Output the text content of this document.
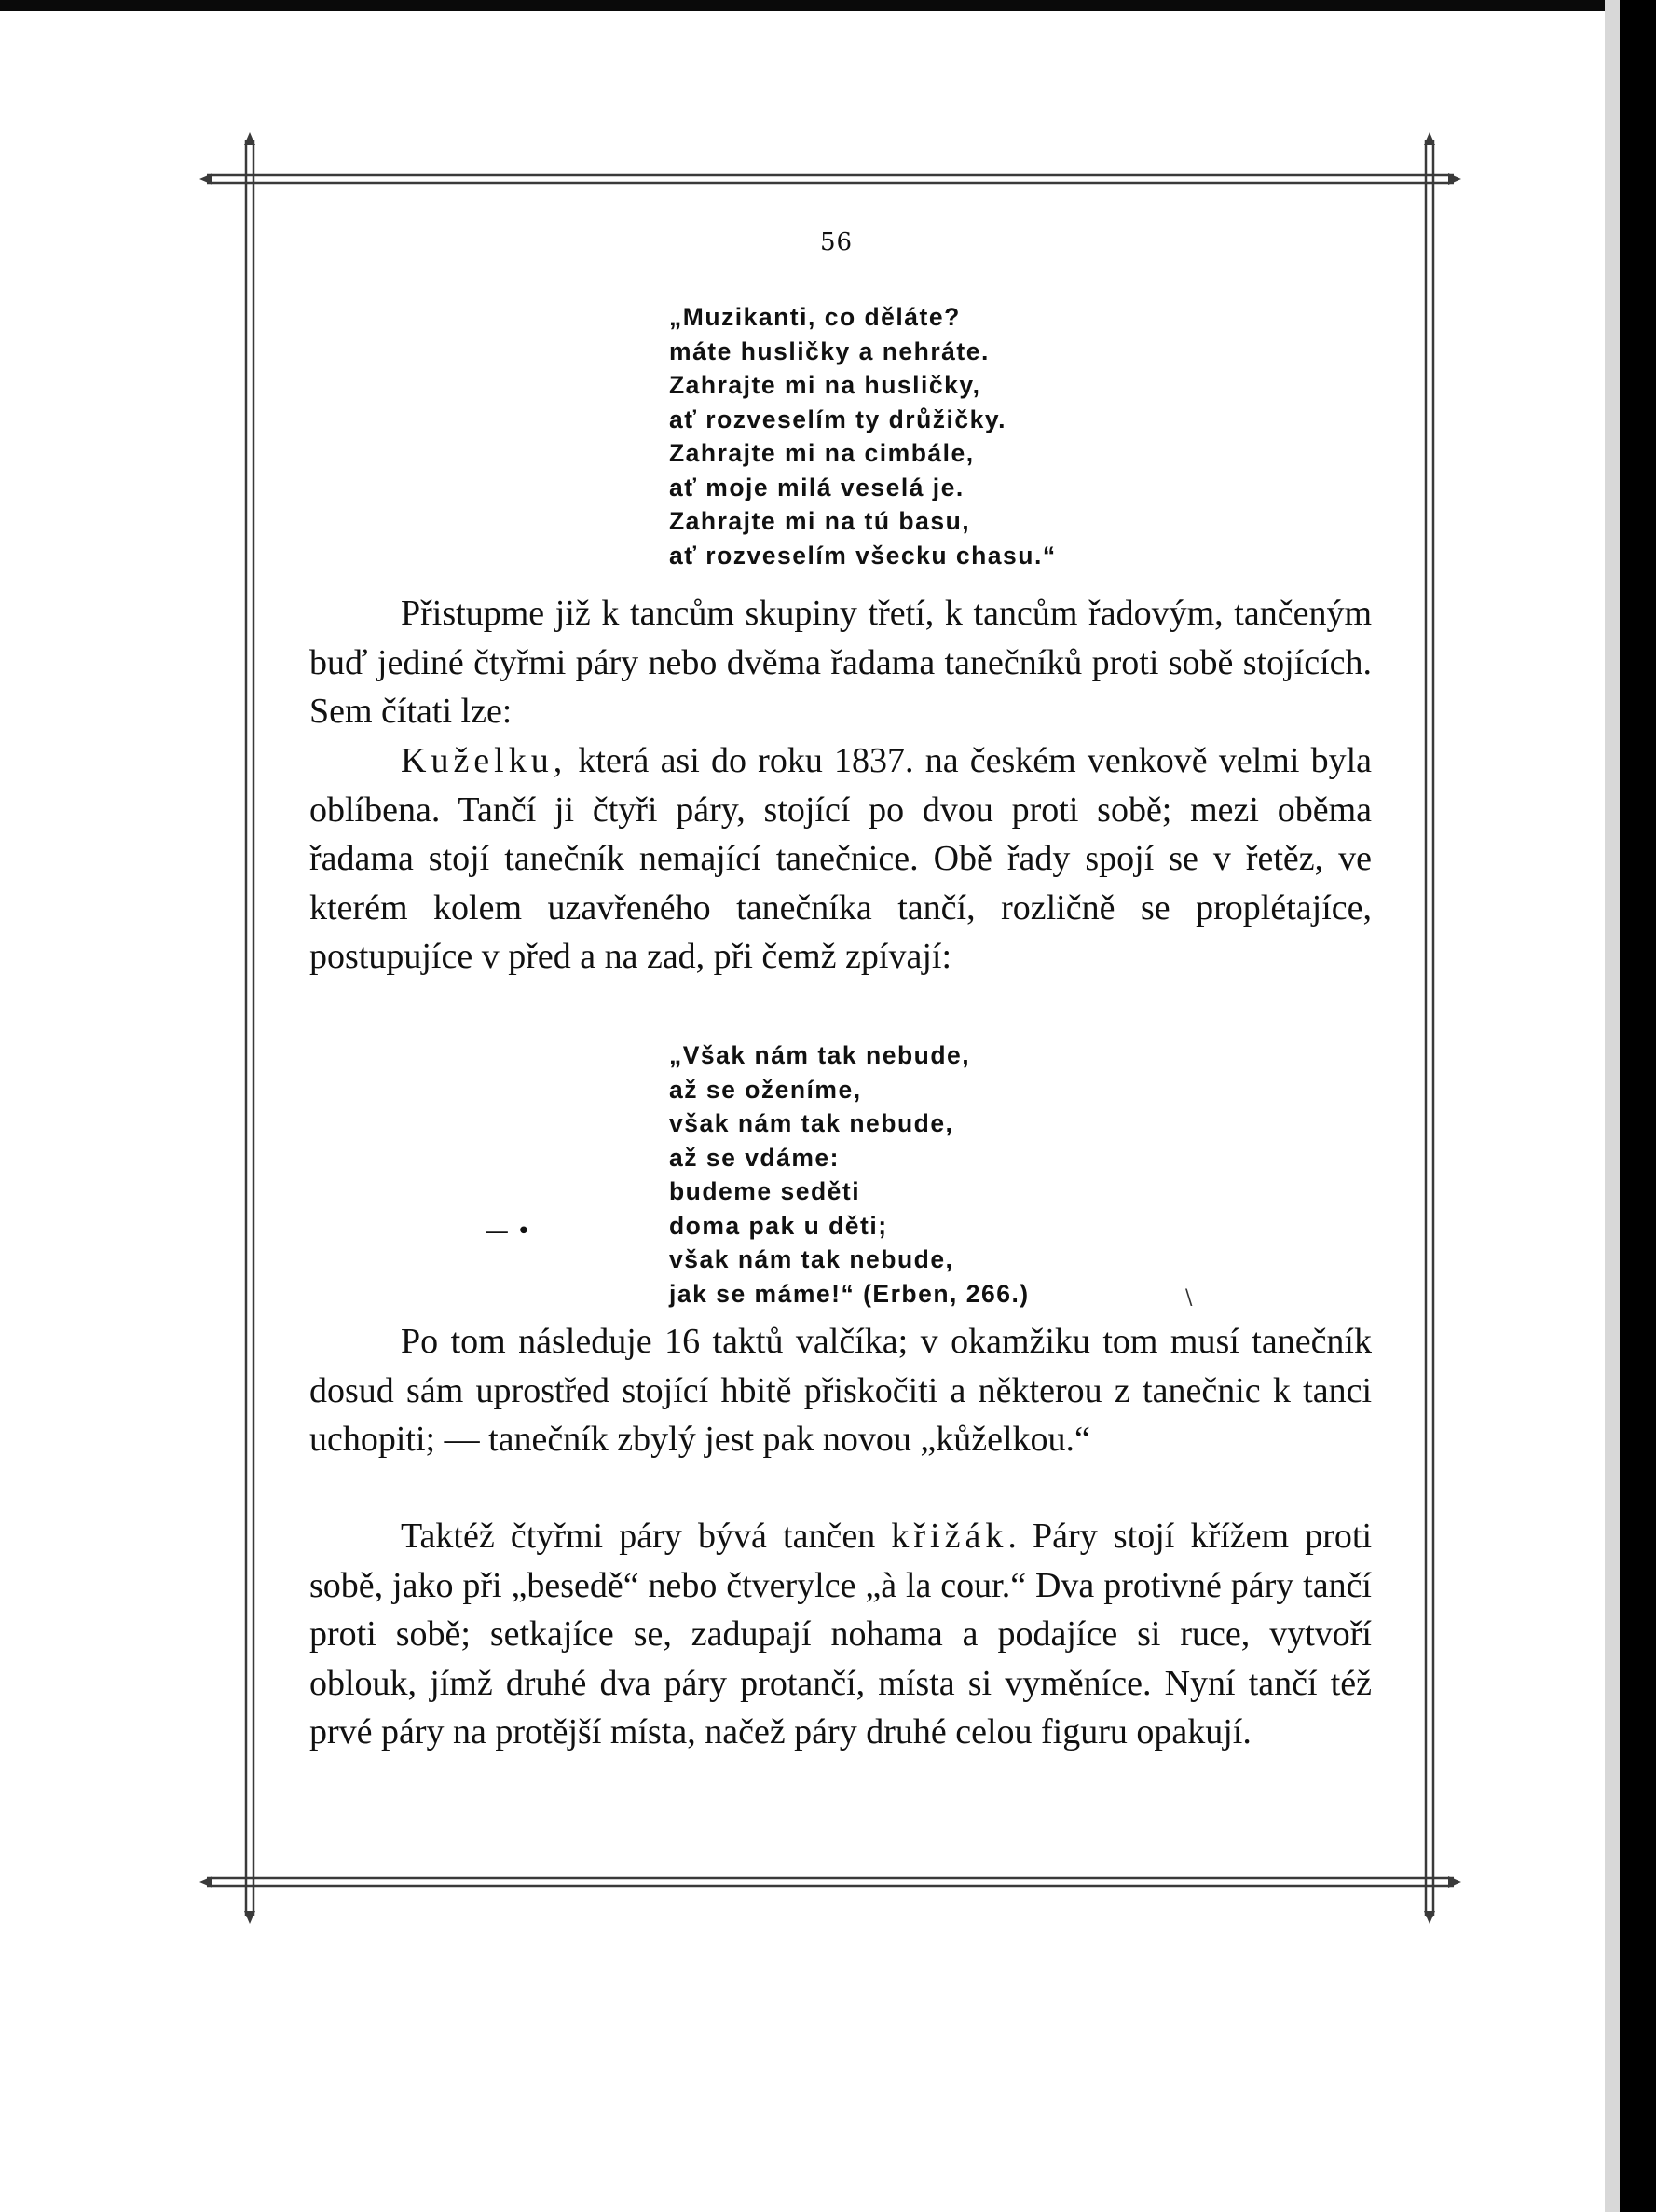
56
„Muzikanti, co děláte?
máte husličky a nehráte.
Zahrajte mi na husličky,
ať rozveselím ty drůžičky.
Zahrajte mi na cimbále,
ať moje milá veselá je.
Zahrajte mi na tú basu,
ať rozveselím všecku chasu.“

Přistupme již k tancům skupiny třetí, k tancům řadovým, tančeným buď jediné čtyřmi páry nebo dvěma řadama tanečníků proti sobě stojících. Sem čítati lze:

Kuželku, která asi do roku 1837. na českém venkově velmi byla oblíbena. Tančí ji čtyři páry, stojící po dvou proti sobě; mezi oběma řadama stojí tanečník nemající tanečnice. Obě řady spojí se v řetěz, ve kterém kolem uzavřeného tanečníka tančí, rozličně se proplétajíce, postupujíce v před a na zad, při čemž zpívají:

„Však nám tak nebude,
až se oženíme,
však nám tak nebude,
až se vdáme:
budeme seděti
doma pak u děti;
však nám tak nebude,
jak se máme!“ (Erben, 266.)
— •
\

Po tom následuje 16 taktů valčíka; v okamžiku tom musí tanečník dosud sám uprostřed stojící hbitě přiskočiti a některou z tanečnic k tanci uchopiti; — tanečník zbylý jest pak novou „kůželkou.“

Taktéž čtyřmi páry bývá tančen křižák. Páry stojí křížem proti sobě, jako při „besedě“ nebo čtverylce „à la cour.“ Dva protivné páry tančí proti sobě; setkajíce se, zadupají nohama a podajíce si ruce, vytvoří oblouk, jímž druhé dva páry protančí, místa si vyměníce. Nyní tančí též prvé páry na protější místa, načež páry druhé celou figuru opakují.
